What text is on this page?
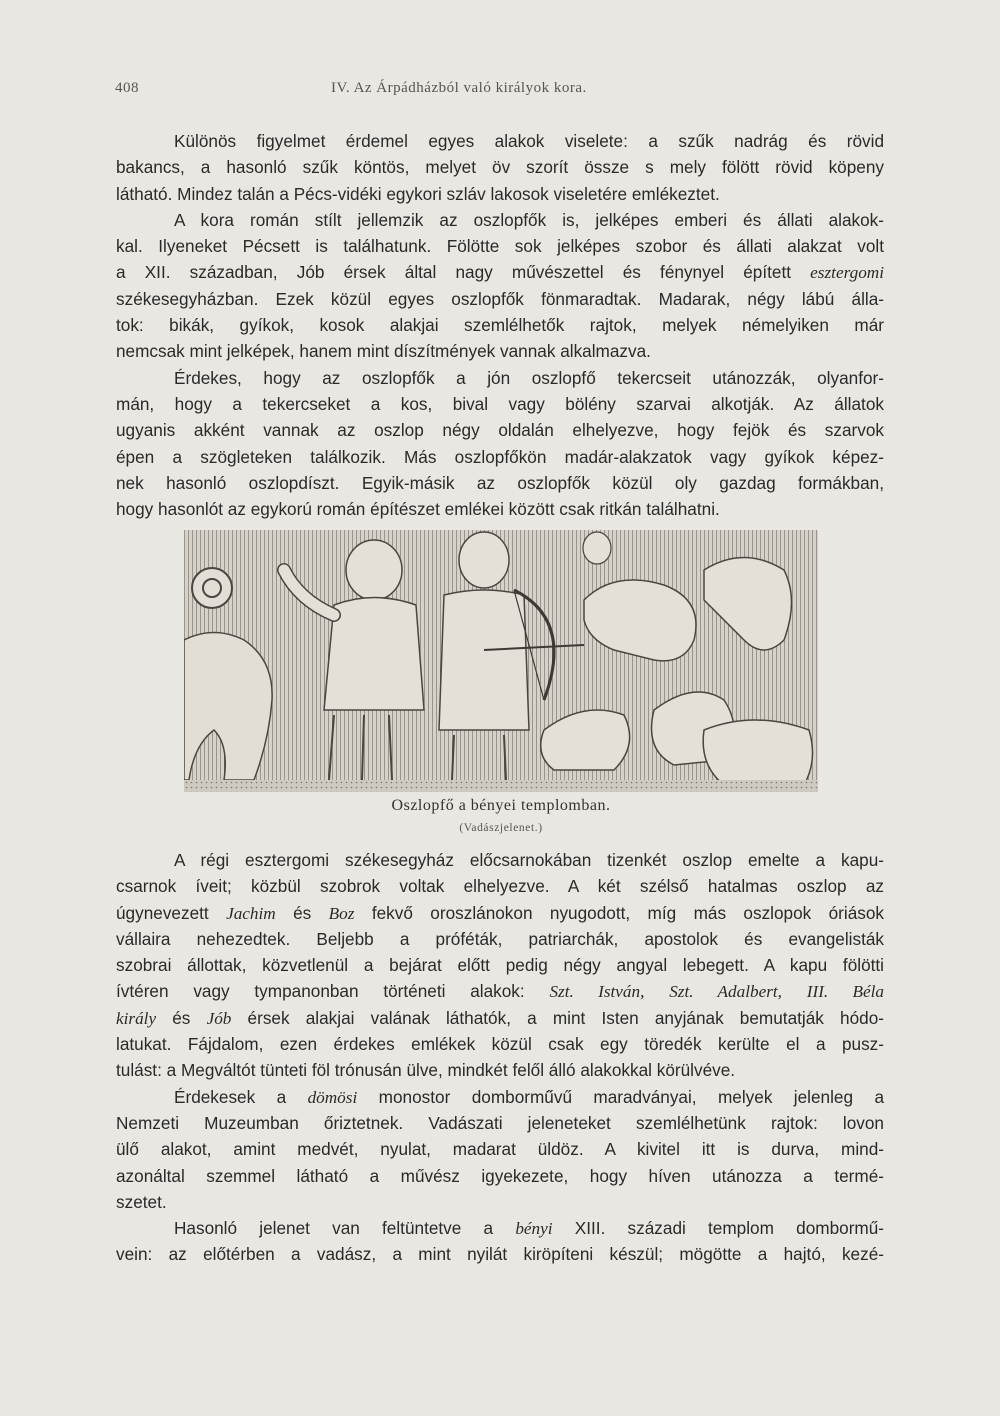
408	IV. Az Árpádházból való királyok kora.
Különös figyelmet érdemel egyes alakok viselete: a szűk nadrág és rövid
bakancs, a hasonló szűk köntös, melyet öv szorít össze s mely fölött rövid köpeny
látható. Mindez talán a Pécs-vidéki egykori szláv lakosok viseletére emlékeztet.
A kora román stílt jellemzik az oszlopfők is, jelképes emberi és állati alakok-
kal. Ilyeneket Pécsett is találhatunk. Fölötte sok jelképes szobor és állati alakzat volt
a XII. században, Jób érsek által nagy művészettel és fénynyel épített esztergomi
székesegyházban. Ezek közül egyes oszlopfők fönmaradtak. Madarak, négy lábú álla-
tok: bikák, gyíkok, kosok alakjai szemlélhetők rajtok, melyek némelyiken már
nemcsak mint jelképek, hanem mint díszítmények vannak alkalmazva.
Érdekes, hogy az oszlopfők a jón oszlopfő tekercseit utánozzák, olyanfor-
mán, hogy a tekercseket a kos, bival vagy bölény szarvai alkotják. Az állatok
ugyanis akként vannak az oszlop négy oldalán elhelyezve, hogy fejök és szarvok
épen a szögleteken találkozik. Más oszlopfőkön madár-alakzatok vagy gyíkok képez-
nek hasonló oszlopdíszt. Egyik-másik az oszlopfők közül oly gazdag formákban,
hogy hasonlót az egykorú román építészet emlékei között csak ritkán találhatni.
Oszlopfő a bényei templomban.
(Vadászjelenet.)
A régi esztergomi székesegyház előcsarnokában tizenkét oszlop emelte a kapu-
csarnok íveit; közbül szobrok voltak elhelyezve. A két szélső hatalmas oszlop az
úgynevezett Jachim és Boz fekvő oroszlánokon nyugodott, míg más oszlopok óriások
vállaira nehezedtek. Beljebb a próféták, patriarchák, apostolok és evangelisták
szobrai állottak, közvetlenül a bejárat előtt pedig négy angyal lebegett. A kapu fölötti
ívtéren vagy tympanonban történeti alakok: Szt. István, Szt. Adalbert, III. Béla
király és Jób érsek alakjai valának láthatók, a mint Isten anyjának bemutatják hódo-
latukat. Fájdalom, ezen érdekes emlékek közül csak egy töredék kerülte el a pusz-
tulást: a Megváltót tünteti föl trónusán ülve, mindkét felől álló alakokkal körülvéve.
Érdekesek a dömösi monostor dombormű̈vű maradványai, melyek jelenleg a
Nemzeti Muzeumban őriztetnek. Vadászati jeleneteket szemlélhetünk rajtok: lovon
ülő alakot, amint medvét, nyulat, madarat üldöz. A kivitel itt is durva, mind-
azonáltal szemmel látható a művész igyekezete, hogy híven utánozza a termé-
szetet.
Hasonló jelenet van feltüntetve a bényi XIII. századi templom dombormű-
vein: az előtérben a vadász, a mint nyilát kiröpíteni készül; mögötte a hajtó, kezé-
